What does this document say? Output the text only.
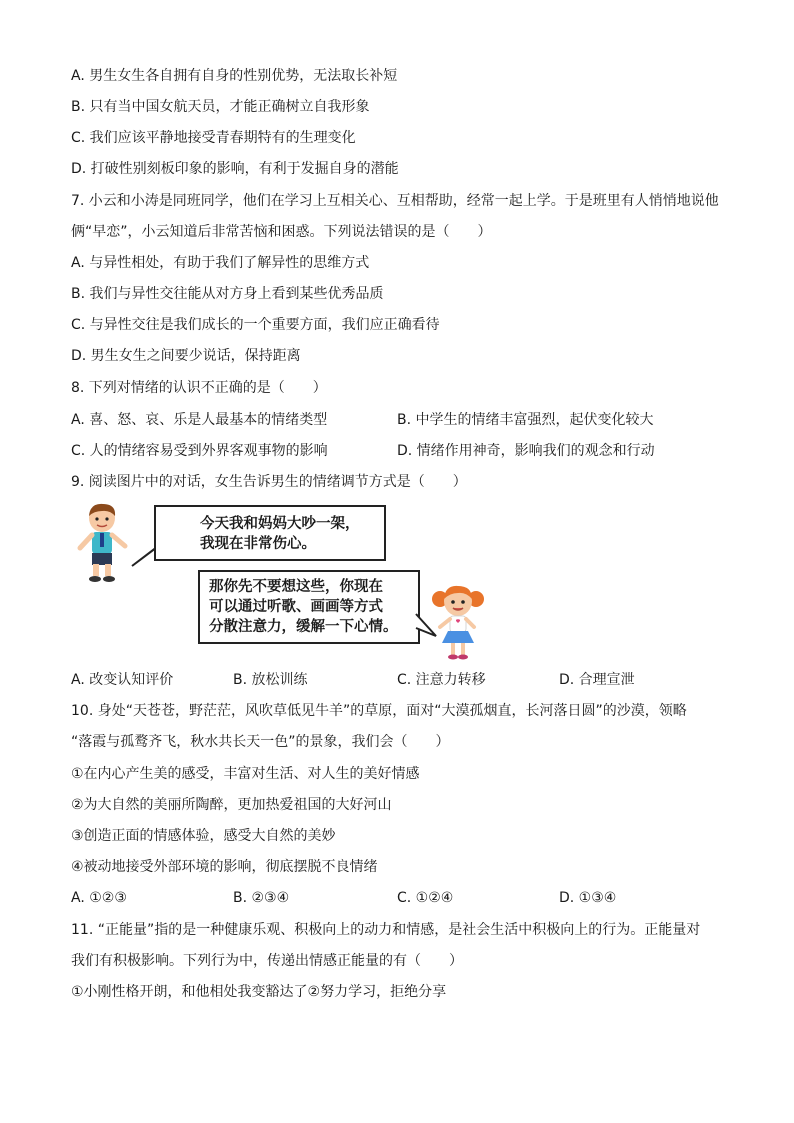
A. 男生女生各自拥有自身的性别优势，无法取长补短
B. 只有当中国女航天员，才能正确树立自我形象
C. 我们应该平静地接受青春期特有的生理变化
D. 打破性别刻板印象的影响，有利于发掘自身的潜能
7. 小云和小涛是同班同学，他们在学习上互相关心、互相帮助，经常一起上学。于是班里有人悄悄地说他
俩“早恋”，小云知道后非常苦恼和困惑。下列说法错误的是（　　）
A. 与异性相处，有助于我们了解异性的思维方式
B. 我们与异性交往能从对方身上看到某些优秀品质
C. 与异性交往是我们成长的一个重要方面，我们应正确看待
D. 男生女生之间要少说话，保持距离
8. 下列对情绪的认识不正确的是（　　）
A. 喜、怒、哀、乐是人最基本的情绪类型	B. 中学生的情绪丰富强烈，起伏变化较大
C. 人的情绪容易受到外界客观事物的影响	D. 情绪作用神奇，影响我们的观念和行动
9. 阅读图片中的对话，女生告诉男生的情绪调节方式是（　　）
今天我和妈妈大吵一架，
我现在非常伤心。
那你先不要想这些，你现在
可以通过听歌、画画等方式
分散注意力，缓解一下心情。
A. 改变认知评价	B. 放松训练	C. 注意力转移	D. 合理宣泄
10. 身处“天苍苍，野茫茫，风吹草低见牛羊”的草原，面对“大漠孤烟直，长河落日圆”的沙漠，领略
“落霞与孤鹜齐飞，秋水共长天一色”的景象，我们会（　　）
①在内心产生美的感受，丰富对生活、对人生的美好情感
②为大自然的美丽所陶醉，更加热爱祖国的大好河山
③创造正面的情感体验，感受大自然的美妙
④被动地接受外部环境的影响，彻底摆脱不良情绪
A. ①②③	B. ②③④	C. ①②④	D. ①③④
11. “正能量”指的是一种健康乐观、积极向上的动力和情感，是社会生活中积极向上的行为。正能量对
我们有积极影响。下列行为中，传递出情感正能量的有（　　）
①小刚性格开朗，和他相处我变豁达了②努力学习，拒绝分享
